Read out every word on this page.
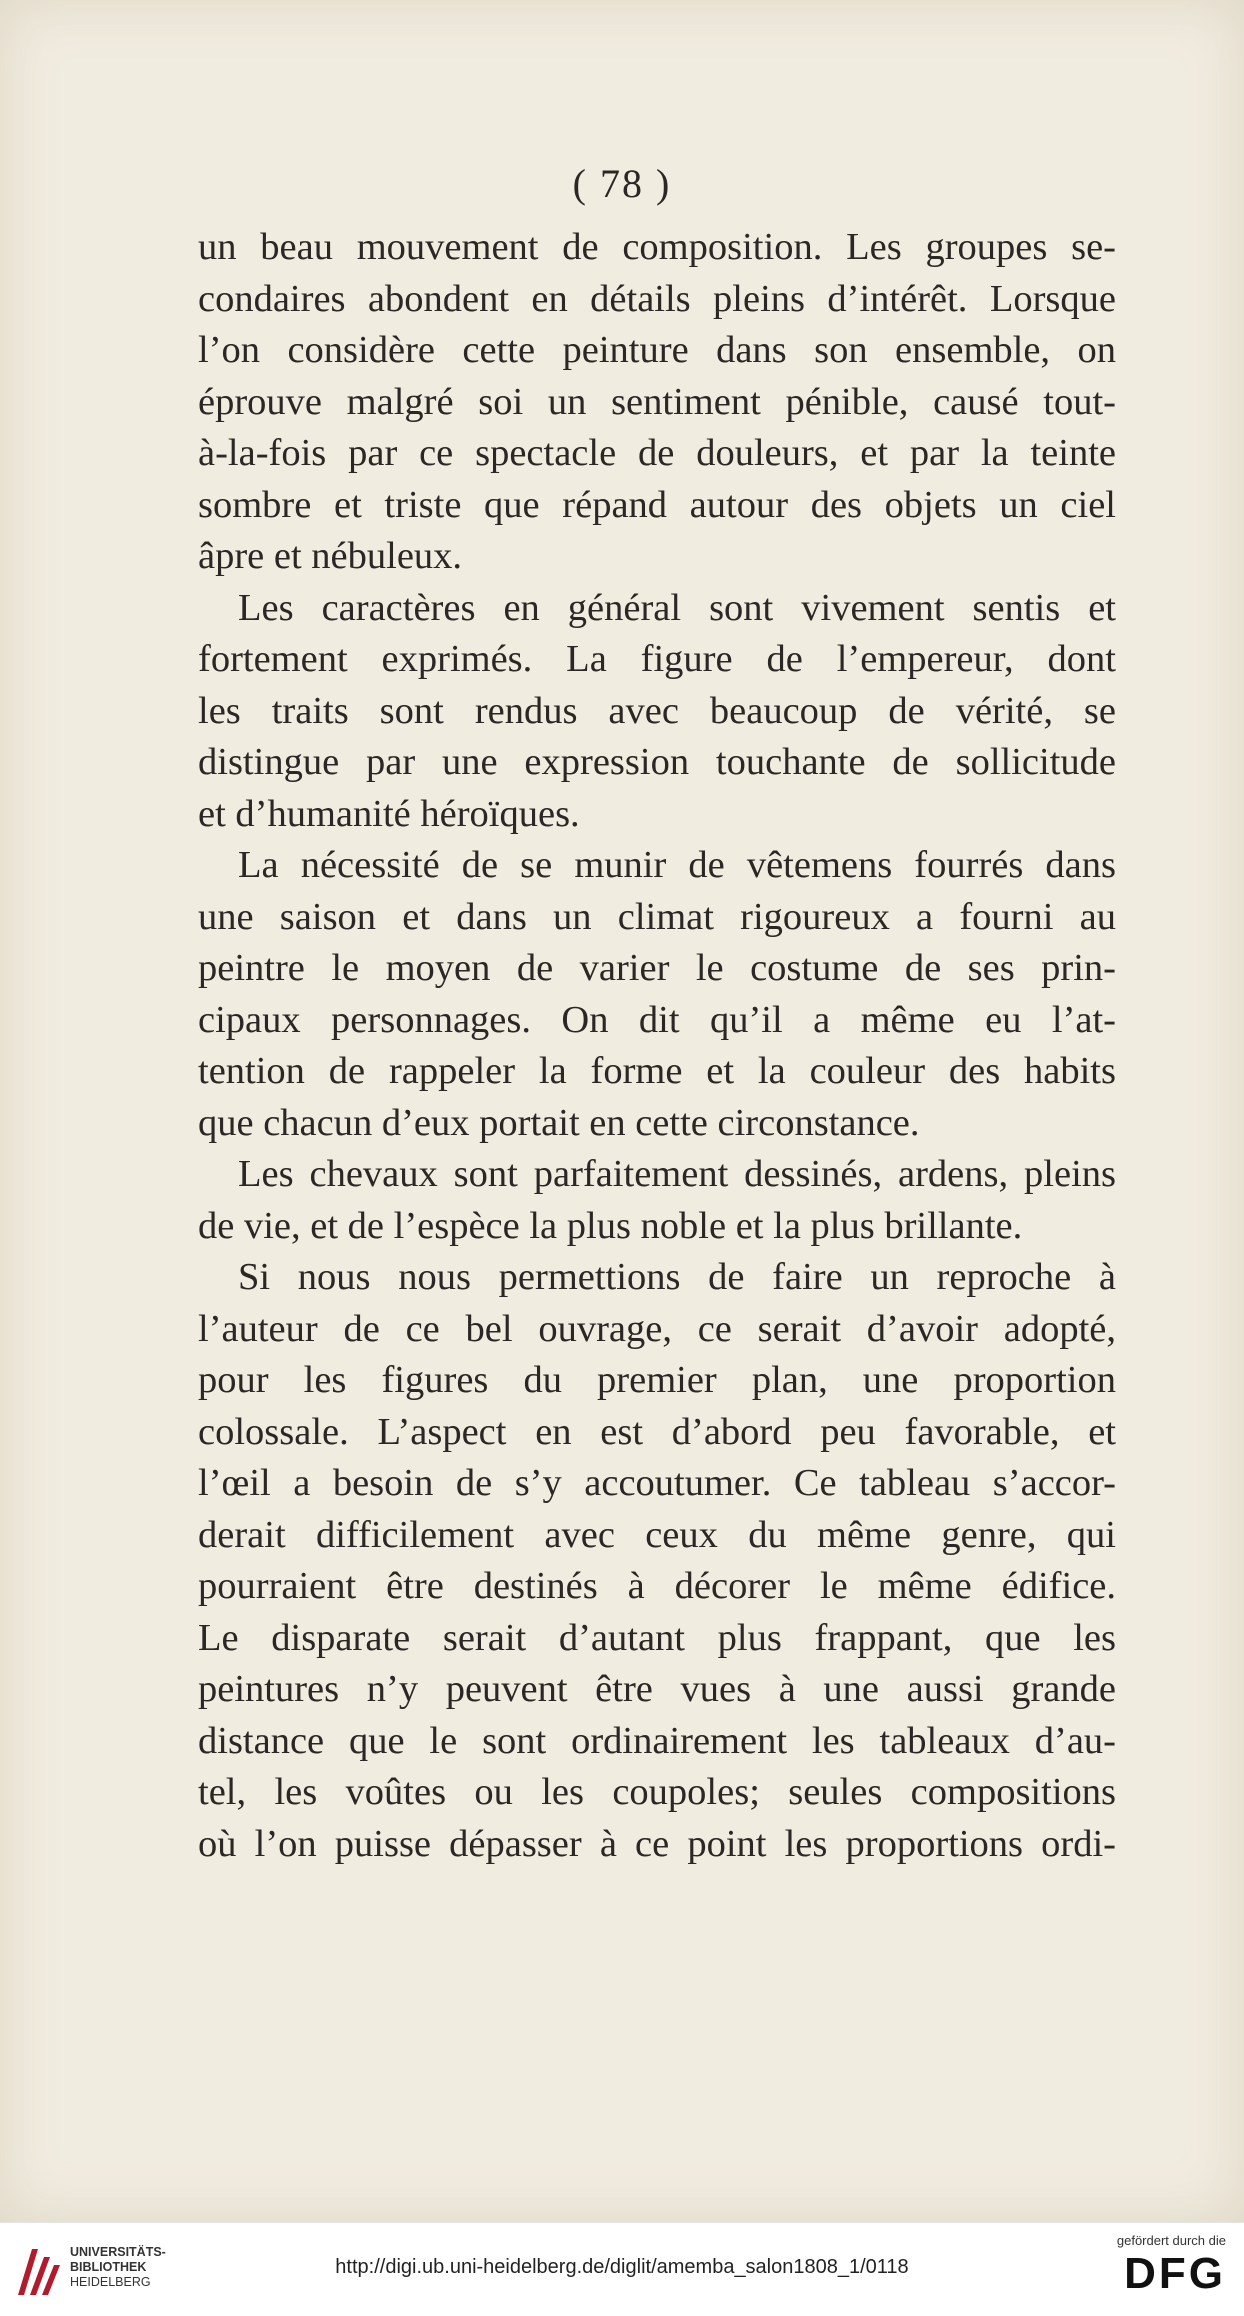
( 78 )
un beau mouvement de composition. Les groupes se-
condaires abondent en détails pleins d’intérêt. Lorsque
l’on considère cette peinture dans son ensemble, on
éprouve malgré soi un sentiment pénible, causé tout-
à-la-fois par ce spectacle de douleurs, et par la teinte
sombre et triste que répand autour des objets un ciel
âpre et nébuleux.
Les caractères en général sont vivement sentis et
fortement exprimés. La figure de l’empereur, dont
les traits sont rendus avec beaucoup de vérité, se
distingue par une expression touchante de sollicitude
et d’humanité héroïques.
La nécessité de se munir de vêtemens fourrés dans
une saison et dans un climat rigoureux a fourni au
peintre le moyen de varier le costume de ses prin-
cipaux personnages. On dit qu’il a même eu l’at-
tention de rappeler la forme et la couleur des habits
que chacun d’eux portait en cette circonstance.
Les chevaux sont parfaitement dessinés, ardens, pleins
de vie, et de l’espèce la plus noble et la plus brillante.
Si nous nous permettions de faire un reproche à
l’auteur de ce bel ouvrage, ce serait d’avoir adopté,
pour les figures du premier plan, une proportion
colossale. L’aspect en est d’abord peu favorable, et
l’œil a besoin de s’y accoutumer. Ce tableau s’accor-
derait difficilement avec ceux du même genre, qui
pourraient être destinés à décorer le même édifice.
Le disparate serait d’autant plus frappant, que les
peintures n’y peuvent être vues à une aussi grande
distance que le sont ordinairement les tableaux d’au-
tel, les voûtes ou les coupoles; seules compositions
où l’on puisse dépasser à ce point les proportions ordi-
UNIVERSITÄTS-
BIBLIOTHEK
HEIDELBERG
http://digi.ub.uni-heidelberg.de/diglit/amemba_salon1808_1/0118
gefördert durch die
DFG
